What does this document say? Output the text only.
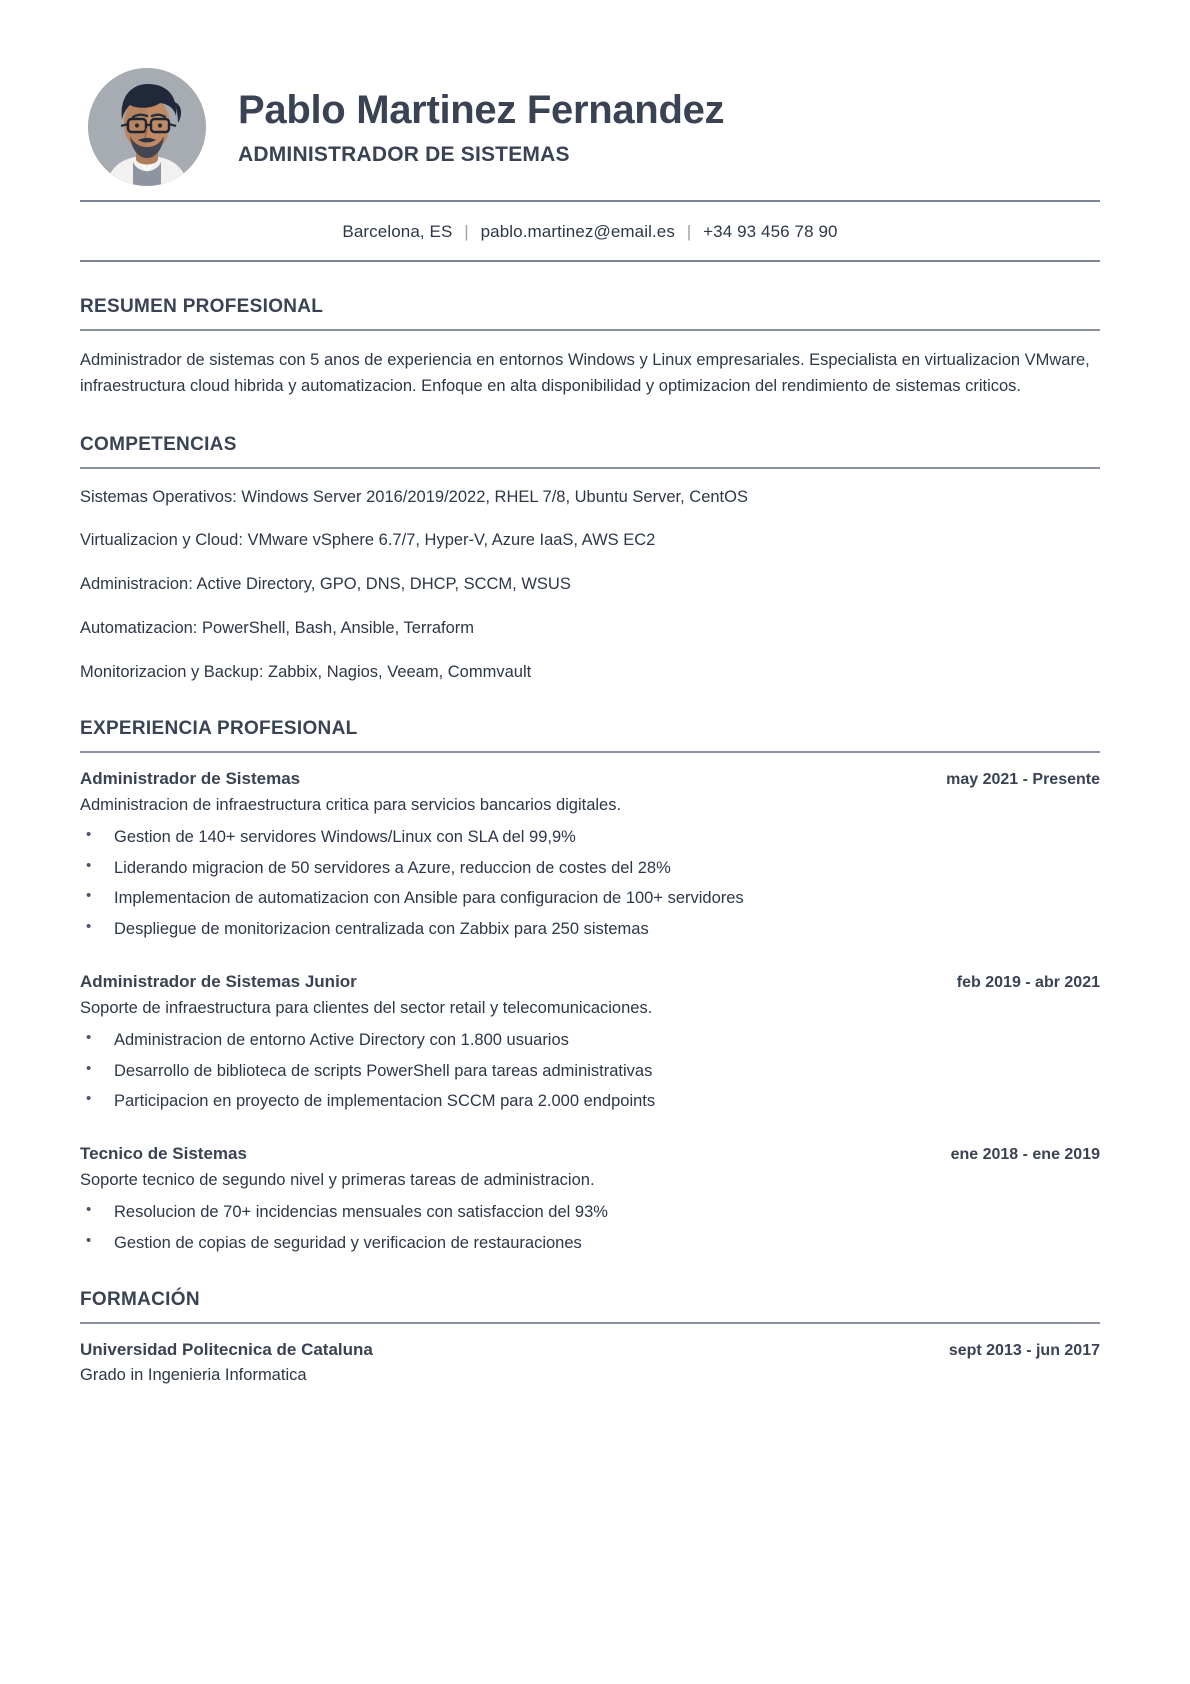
Pablo Martinez Fernandez
ADMINISTRADOR DE SISTEMAS
Barcelona, ES | pablo.martinez@email.es | +34 93 456 78 90
RESUMEN PROFESIONAL

Administrador de sistemas con 5 anos de experiencia en entornos Windows y Linux empresariales. Especialista en virtualizacion VMware, infraestructura cloud hibrida y automatizacion. Enfoque en alta disponibilidad y optimizacion del rendimiento de sistemas criticos.

COMPETENCIAS

Sistemas Operativos: Windows Server 2016/2019/2022, RHEL 7/8, Ubuntu Server, CentOS

Virtualizacion y Cloud: VMware vSphere 6.7/7, Hyper-V, Azure IaaS, AWS EC2

Administracion: Active Directory, GPO, DNS, DHCP, SCCM, WSUS

Automatizacion: PowerShell, Bash, Ansible, Terraform

Monitorizacion y Backup: Zabbix, Nagios, Veeam, Commvault

EXPERIENCIA PROFESIONAL
Administrador de Sistemas	may 2021 - Presente
Administracion de infraestructura critica para servicios bancarios digitales.
• Gestion de 140+ servidores Windows/Linux con SLA del 99,9%
• Liderando migracion de 50 servidores a Azure, reduccion de costes del 28%
• Implementacion de automatizacion con Ansible para configuracion de 100+ servidores
• Despliegue de monitorizacion centralizada con Zabbix para 250 sistemas
Administrador de Sistemas Junior	feb 2019 - abr 2021
Soporte de infraestructura para clientes del sector retail y telecomunicaciones.
• Administracion de entorno Active Directory con 1.800 usuarios
• Desarrollo de biblioteca de scripts PowerShell para tareas administrativas
• Participacion en proyecto de implementacion SCCM para 2.000 endpoints
Tecnico de Sistemas	ene 2018 - ene 2019
Soporte tecnico de segundo nivel y primeras tareas de administracion.
• Resolucion de 70+ incidencias mensuales con satisfaccion del 93%
• Gestion de copias de seguridad y verificacion de restauraciones
FORMACIÓN
Universidad Politecnica de Cataluna	sept 2013 - jun 2017
Grado in Ingenieria Informatica
